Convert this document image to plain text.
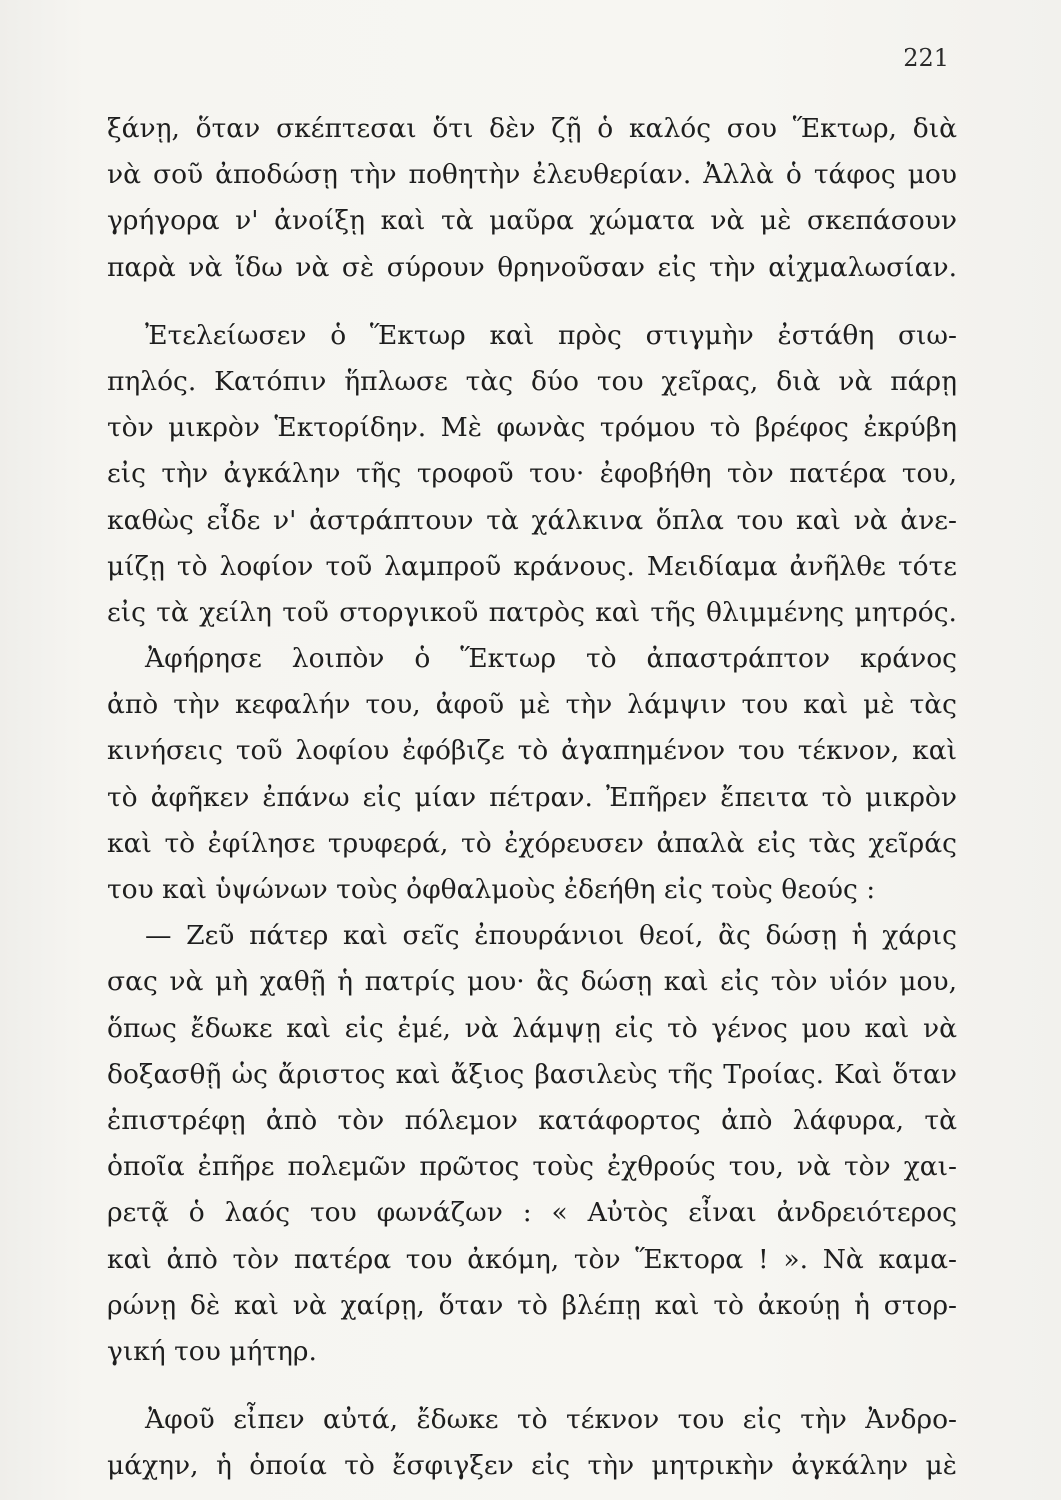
221
ξάνῃ, ὅταν σκέπτεσαι ὅτι δὲν ζῇ ὁ καλός σου Ἕκτωρ, διὰ
νὰ σοῦ ἀποδώσῃ τὴν ποθητὴν ἐλευθερίαν. Ἀλλὰ ὁ τάφος μου
γρήγορα ν' ἀνοίξῃ καὶ τὰ μαῦρα χώματα νὰ μὲ σκεπάσουν
παρὰ νὰ ἴδω νὰ σὲ σύρουν θρηνοῦσαν εἰς τὴν αἰχμαλωσίαν.
Ἐτελείωσεν ὁ Ἕκτωρ καὶ πρὸς στιγμὴν ἐστάθη σιω-
πηλός. Κατόπιν ἥπλωσε τὰς δύο του χεῖρας, διὰ νὰ πάρῃ
τὸν μικρὸν Ἑκτορίδην. Μὲ φωνὰς τρόμου τὸ βρέφος ἐκρύβη
εἰς τὴν ἀγκάλην τῆς τροφοῦ του· ἐφοβήθη τὸν πατέρα του,
καθὼς εἶδε ν' ἀστράπτουν τὰ χάλκινα ὅπλα του καὶ νὰ ἀνε-
μίζῃ τὸ λοφίον τοῦ λαμπροῦ κράνους. Μειδίαμα ἀνῆλθε τότε
εἰς τὰ χείλη τοῦ στοργικοῦ πατρὸς καὶ τῆς θλιμμένης μητρός.
Ἀφήρησε λοιπὸν ὁ Ἕκτωρ τὸ ἀπαστράπτον κράνος
ἀπὸ τὴν κεφαλήν του, ἀφοῦ μὲ τὴν λάμψιν του καὶ μὲ τὰς
κινήσεις τοῦ λοφίου ἐφόβιζε τὸ ἀγαπημένον του τέκνον, καὶ
τὸ ἀφῆκεν ἐπάνω εἰς μίαν πέτραν. Ἐπῆρεν ἔπειτα τὸ μικρὸν
καὶ τὸ ἐφίλησε τρυφερά, τὸ ἐχόρευσεν ἀπαλὰ εἰς τὰς χεῖράς
του καὶ ὑψώνων τοὺς ὀφθαλμοὺς ἐδεήθη εἰς τοὺς θεούς :
— Ζεῦ πάτερ καὶ σεῖς ἐπουράνιοι θεοί, ἂς δώσῃ ἡ χάρις
σας νὰ μὴ χαθῇ ἡ πατρίς μου· ἂς δώσῃ καὶ εἰς τὸν υἱόν μου,
ὅπως ἔδωκε καὶ εἰς ἐμέ, νὰ λάμψῃ εἰς τὸ γένος μου καὶ νὰ
δοξασθῇ ὡς ἄριστος καὶ ἄξιος βασιλεὺς τῆς Τροίας. Καὶ ὅταν
ἐπιστρέφῃ ἀπὸ τὸν πόλεμον κατάφορτος ἀπὸ λάφυρα, τὰ
ὁποῖα ἐπῆρε πολεμῶν πρῶτος τοὺς ἐχθρούς του, νὰ τὸν χαι-
ρετᾷ ὁ λαός του φωνάζων : « Αὐτὸς εἶναι ἀνδρειότερος
καὶ ἀπὸ τὸν πατέρα του ἀκόμη, τὸν Ἕκτορα ! ». Νὰ καμα-
ρώνῃ δὲ καὶ νὰ χαίρῃ, ὅταν τὸ βλέπῃ καὶ τὸ ἀκούῃ ἡ στορ-
γική του μήτηρ.
Ἀφοῦ εἶπεν αὐτά, ἔδωκε τὸ τέκνον του εἰς τὴν Ἀνδρο-
μάχην, ἡ ὁποία τὸ ἔσφιγξεν εἰς τὴν μητρικὴν ἀγκάλην μὲ
